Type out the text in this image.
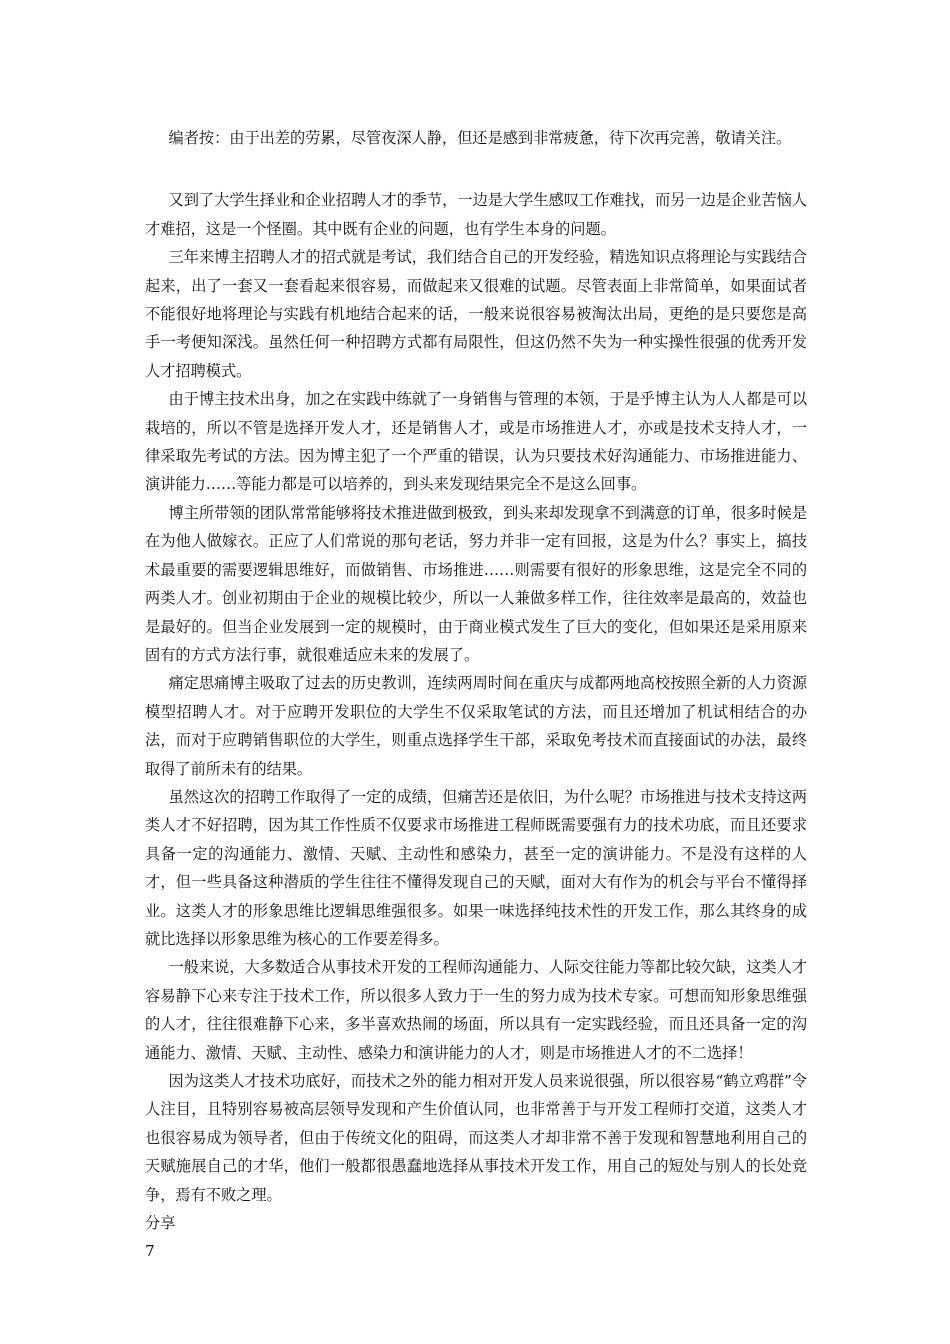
编者按：由于出差的劳累，尽管夜深人静，但还是感到非常疲惫，待下次再完善，敬请关注。

又到了大学生择业和企业招聘人才的季节，一边是大学生感叹工作难找，而另一边是企业苦恼人才难招，这是一个怪圈。其中既有企业的问题，也有学生本身的问题。

三年来博主招聘人才的招式就是考试，我们结合自己的开发经验，精选知识点将理论与实践结合起来，出了一套又一套看起来很容易，而做起来又很难的试题。尽管表面上非常简单，如果面试者不能很好地将理论与实践有机地结合起来的话，一般来说很容易被淘汰出局，更绝的是只要您是高手一考便知深浅。虽然任何一种招聘方式都有局限性，但这仍然不失为一种实操性很强的优秀开发人才招聘模式。

由于博主技术出身，加之在实践中练就了一身销售与管理的本领，于是乎博主认为人人都是可以栽培的，所以不管是选择开发人才，还是销售人才，或是市场推进人才，亦或是技术支持人才，一律采取先考试的方法。因为博主犯了一个严重的错误，认为只要技术好沟通能力、市场推进能力、演讲能力……等能力都是可以培养的，到头来发现结果完全不是这么回事。

博主所带领的团队常常能够将技术推进做到极致，到头来却发现拿不到满意的订单，很多时候是在为他人做嫁衣。正应了人们常说的那句老话，努力并非一定有回报，这是为什么？事实上，搞技术最重要的需要逻辑思维好，而做销售、市场推进……则需要有很好的形象思维，这是完全不同的两类人才。创业初期由于企业的规模比较少，所以一人兼做多样工作，往往效率是最高的，效益也是最好的。但当企业发展到一定的规模时，由于商业模式发生了巨大的变化，但如果还是采用原来固有的方式方法行事，就很难适应未来的发展了。

痛定思痛博主吸取了过去的历史教训，连续两周时间在重庆与成都两地高校按照全新的人力资源模型招聘人才。对于应聘开发职位的大学生不仅采取笔试的方法，而且还增加了机试相结合的办法，而对于应聘销售职位的大学生，则重点选择学生干部，采取免考技术而直接面试的办法，最终取得了前所未有的结果。

虽然这次的招聘工作取得了一定的成绩，但痛苦还是依旧，为什么呢？市场推进与技术支持这两类人才不好招聘，因为其工作性质不仅要求市场推进工程师既需要强有力的技术功底，而且还要求具备一定的沟通能力、激情、天赋、主动性和感染力，甚至一定的演讲能力。不是没有这样的人才，但一些具备这种潜质的学生往往不懂得发现自己的天赋，面对大有作为的机会与平台不懂得择业。这类人才的形象思维比逻辑思维强很多。如果一味选择纯技术性的开发工作，那么其终身的成就比选择以形象思维为核心的工作要差得多。

一般来说，大多数适合从事技术开发的工程师沟通能力、人际交往能力等都比较欠缺，这类人才容易静下心来专注于技术工作，所以很多人致力于一生的努力成为技术专家。可想而知形象思维强的人才，往往很难静下心来，多半喜欢热闹的场面，所以具有一定实践经验，而且还具备一定的沟通能力、激情、天赋、主动性、感染力和演讲能力的人才，则是市场推进人才的不二选择！

因为这类人才技术功底好，而技术之外的能力相对开发人员来说很强，所以很容易“鹤立鸡群”令人注目，且特别容易被高层领导发现和产生价值认同，也非常善于与开发工程师打交道，这类人才也很容易成为领导者，但由于传统文化的阻碍，而这类人才却非常不善于发现和智慧地利用自己的天赋施展自己的才华，他们一般都很愚蠢地选择从事技术开发工作，用自己的短处与别人的长处竞争，焉有不败之理。

分享

7
